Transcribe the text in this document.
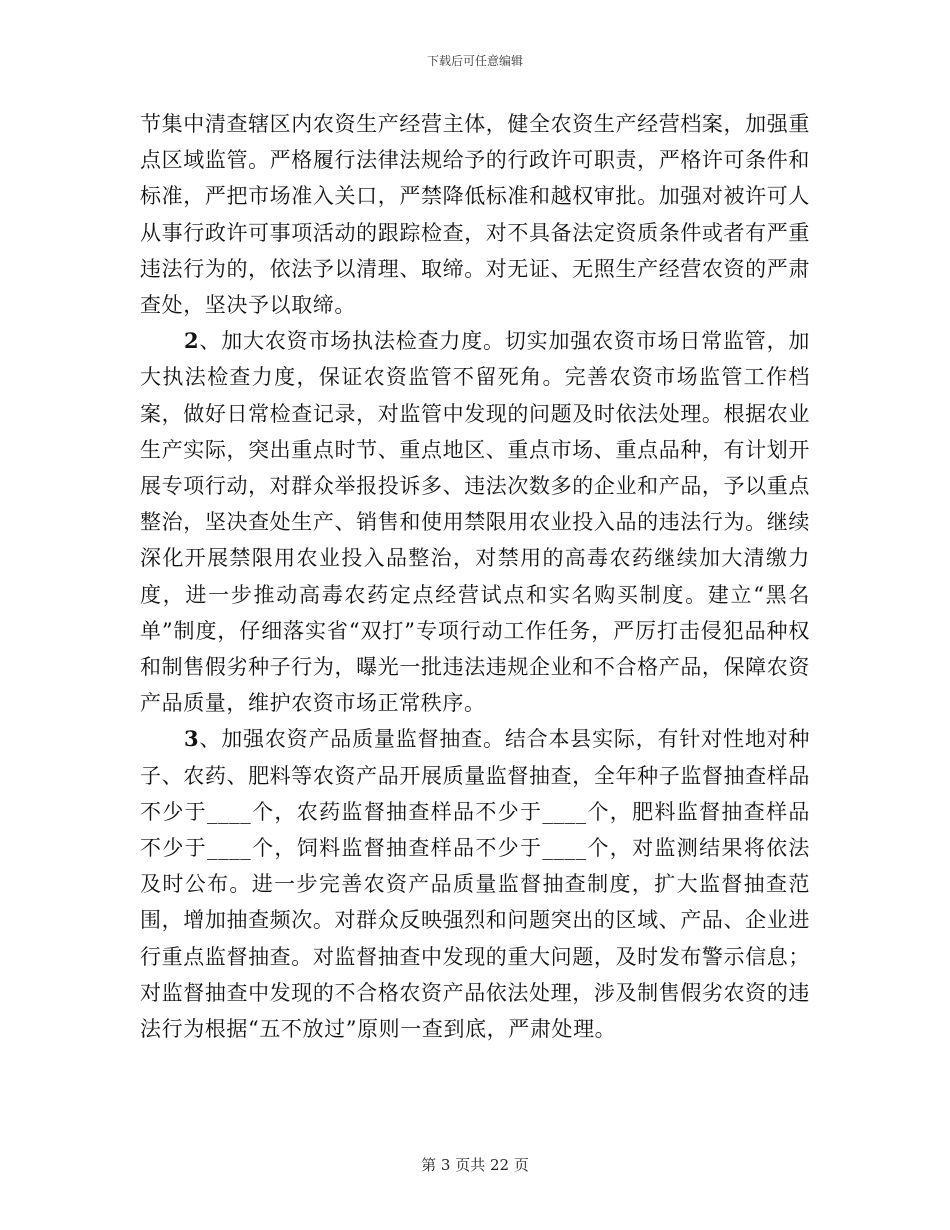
下载后可任意编辑

节集中清查辖区内农资生产经营主体，健全农资生产经营档案，加强重点区域监管。严格履行法律法规给予的行政许可职责，严格许可条件和标准，严把市场准入关口，严禁降低标准和越权审批。加强对被许可人从事行政许可事项活动的跟踪检查，对不具备法定资质条件或者有严重违法行为的，依法予以清理、取缔。对无证、无照生产经营农资的严肃查处，坚决予以取缔。

2、加大农资市场执法检查力度。切实加强农资市场日常监管，加大执法检查力度，保证农资监管不留死角。完善农资市场监管工作档案，做好日常检查记录，对监管中发现的问题及时依法处理。根据农业生产实际，突出重点时节、重点地区、重点市场、重点品种，有计划开展专项行动，对群众举报投诉多、违法次数多的企业和产品，予以重点整治，坚决查处生产、销售和使用禁限用农业投入品的违法行为。继续深化开展禁限用农业投入品整治，对禁用的高毒农药继续加大清缴力度，进一步推动高毒农药定点经营试点和实名购买制度。建立“黑名单”制度，仔细落实省“双打”专项行动工作任务，严厉打击侵犯品种权和制售假劣种子行为，曝光一批违法违规企业和不合格产品，保障农资产品质量，维护农资市场正常秩序。

3、加强农资产品质量监督抽查。结合本县实际，有针对性地对种子、农药、肥料等农资产品开展质量监督抽查，全年种子监督抽查样品不少于____个，农药监督抽查样品不少于____个，肥料监督抽查样品不少于____个，饲料监督抽查样品不少于____个，对监测结果将依法及时公布。进一步完善农资产品质量监督抽查制度，扩大监督抽查范围，增加抽查频次。对群众反映强烈和问题突出的区域、产品、企业进行重点监督抽查。对监督抽查中发现的重大问题，及时发布警示信息；对监督抽查中发现的不合格农资产品依法处理，涉及制售假劣农资的违法行为根据“五不放过”原则一查到底，严肃处理。

第 3 页共 22 页
